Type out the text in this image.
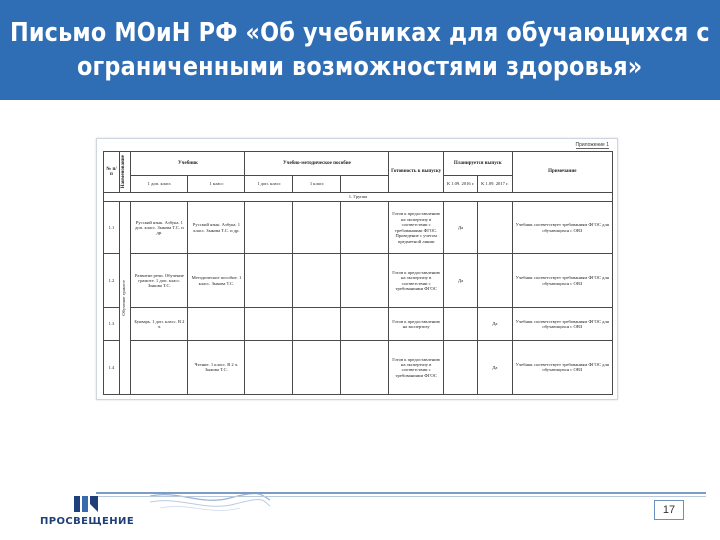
Письмо МОиН РФ «Об учебниках для обучающихся с
ограниченными возможностями здоровья»
Приложение 1
№ п/п	Наименование	Учебник		Учебно-методическое пособие			Готовность к выпуску	Планируется выпуск		Примечание
		1 доп. класс	1 класс	1 доп. класс	1 класс			К 1.09. 2016 г.	К 1.09. 2017 г.	
1. Группа										
1.1	Обучение грамоте	Русский язык. Азбука. 1 доп. класс. Зыкова Т.С. и др.	Русский язык. Азбука. 1 класс. Зыкова Т.С. и др.				Готов к предоставлению на экспертизу в соответствии с требованиями ФГОС. Проведение с учетом предметной линии	Да		Учебник соответствует требованиям ФГОС для обучающихся с ОВЗ
1.2		Развитие речи. Обучение грамоте. 1 доп. класс. Зыкова Т.С.	Методическое пособие. 1 класс. Зыкова Т.С.				Готов к предоставлению на экспертизу в соответствии с требованиями ФГОС	Да		Учебник соответствует требованиям ФГОС для обучающихся с ОВЗ
1.3		Букварь. 1 доп. класс. В 2 ч.					Готов к предоставлению на экспертизу		Да	Учебник соответствует требованиям ФГОС для обучающихся с ОВЗ
1.4			Чтение. 1 класс. В 2 ч. Зыкова Т.С.				Готов к предоставлению на экспертизу в соответствии с требованиями ФГОС		Да	Учебник соответствует требованиям ФГОС для обучающихся с ОВЗ
ПРОСВЕЩЕНИЕ
17
